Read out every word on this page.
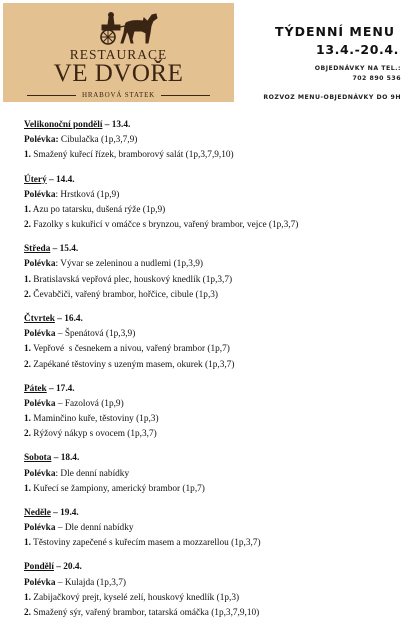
RESTAURACE
VE DVOŘE
HRABOVÁ STATEK
TÝDENNÍ MENU
13.4.-20.4.
OBJEDNÁVKY NA TEL.:
702 890 536
ROZVOZ MENU-OBJEDNÁVKY DO 9H
Velikonoční pondělí – 13.4.
Polévka: Cibulačka (1p,3,7,9)
1. Smažený kuřecí řízek, bramborový salát (1p,3,7,9,10)
Úterý – 14.4.
Polévka: Hrstková (1p,9)
1. Azu po tatarsku, dušená rýže (1p,9)
2. Fazolky s kukuřicí v omáčce s brynzou, vařený brambor, vejce (1p,3,7)
Středa – 15.4.
Polévka: Vývar se zeleninou a nudlemi (1p,3,9)
1. Bratislavská vepřová plec, houskový knedlík (1p,3,7)
2. Čevabčiči, vařený brambor, hořčice, cibule (1p,3)
Čtvrtek – 16.4.
Polévka – Špenátová (1p,3,9)
1. Vepřové  s česnekem a nivou, vařený brambor (1p,7)
2. Zapékané těstoviny s uzeným masem, okurek (1p,3,7)
Pátek – 17.4.
Polévka – Fazolová (1p,9)
1. Maminčino kuře, těstoviny (1p,3)
2. Rýžový nákyp s ovocem (1p,3,7)
Sobota – 18.4.
Polévka: Dle denní nabídky
1. Kuřecí se žampiony, americký brambor (1p,7)
Neděle – 19.4.
Polévka – Dle denní nabídky
1. Těstoviny zapečené s kuřecím masem a mozzarellou (1p,3,7)
Pondělí – 20.4.
Polévka – Kulajda (1p,3,7)
1. Zabijačkový prejt, kyselé zelí, houskový knedlík (1p,3)
2. Smažený sýr, vařený brambor, tatarská omáčka (1p,3,7,9,10)
